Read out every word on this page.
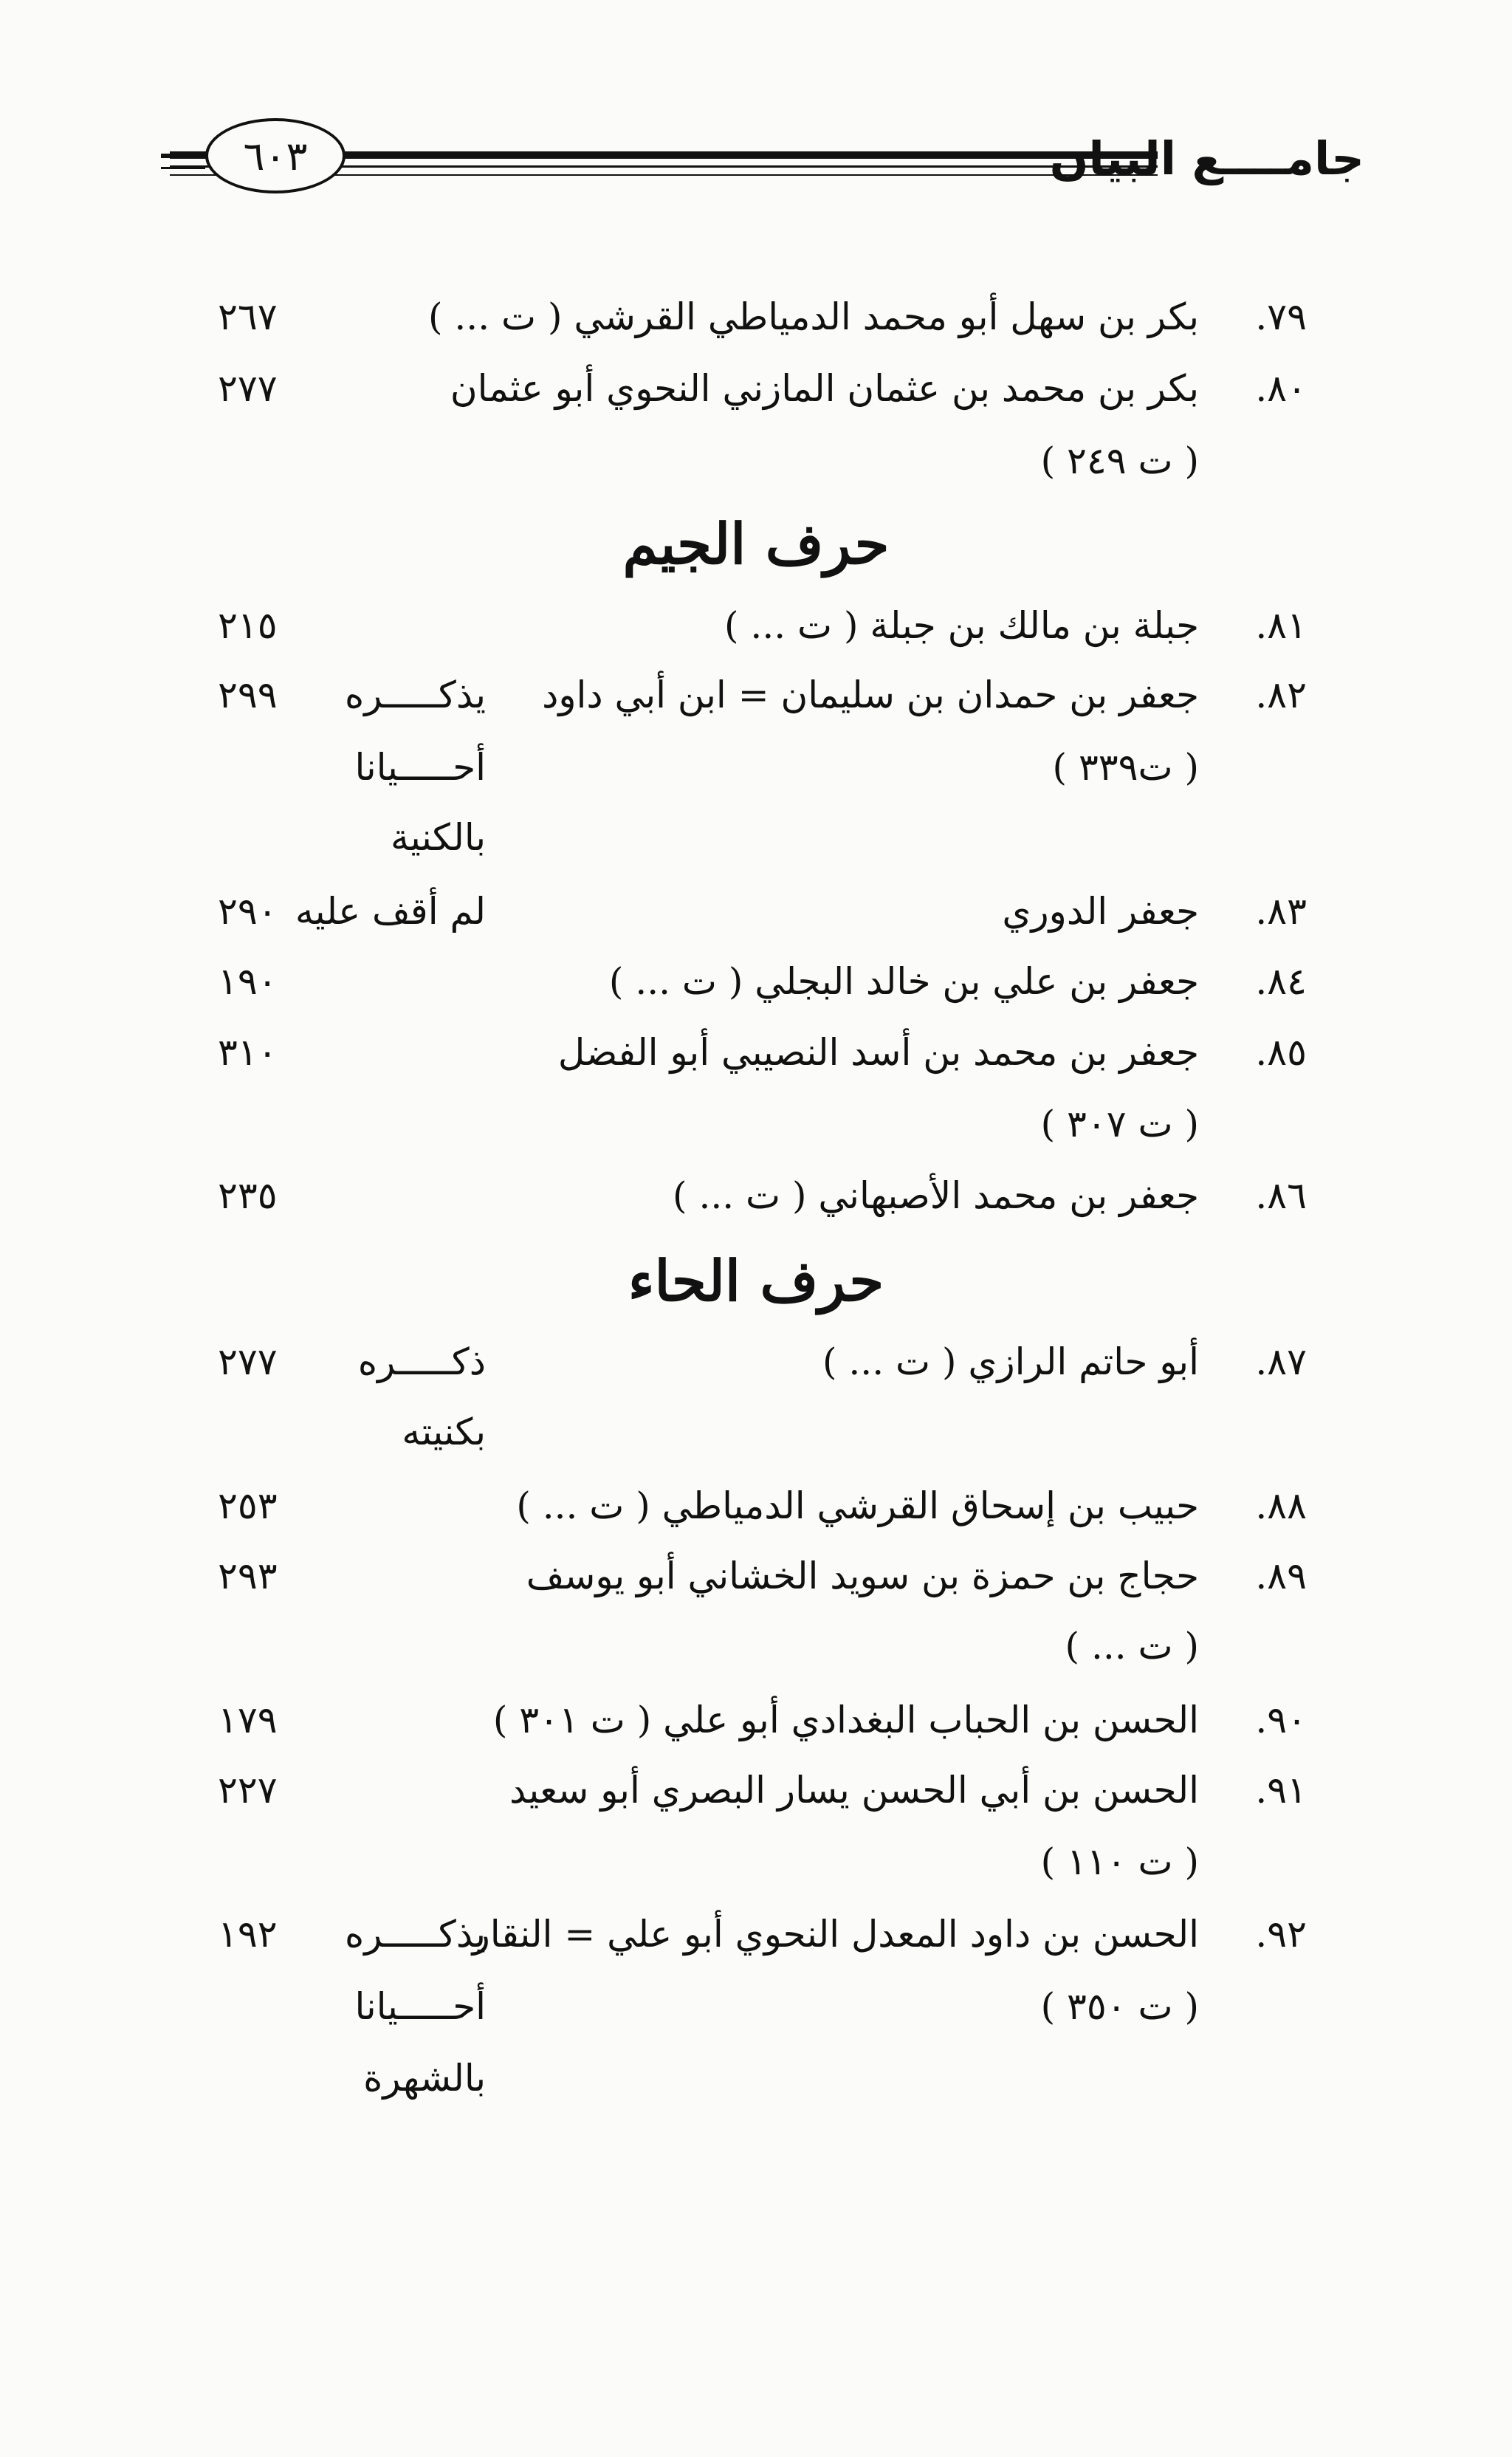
٦٠٣	جامــــع البيان
٧٩.
بكر بن سهل أبو محمد الدمياطي القرشي ( ت ... )
٢٦٧
٨٠.
بكر بن محمد بن عثمان المازني النحوي أبو عثمان
( ت ٢٤٩ )
٢٧٧
حرف الجيم
٨١.
جبلة بن مالك بن جبلة ( ت ... )
٢١٥
٨٢.
جعفر بن حمدان بن سليمان = ابن أبي داود
( ت٣٣٩ )
يذكـــــره
أحـــــيانا
بالكنية
٢٩٩
٨٣.
جعفر الدوري
لم أقف عليه
٢٩٠
٨٤.
جعفر بن علي بن خالد البجلي ( ت ... )
١٩٠
٨٥.
جعفر بن محمد بن أسد النصيبي أبو الفضل
( ت ٣٠٧ )
٣١٠
٨٦.
جعفر بن محمد الأصبهاني ( ت ... )
٢٣٥
حرف الحاء
٨٧.
أبو حاتم الرازي ( ت ... )
ذكـــــره
بكنيته
٢٧٧
٨٨.
حبيب بن إسحاق القرشي الدمياطي ( ت ... )
٢٥٣
٨٩.
حجاج بن حمزة بن سويد الخشاني أبو يوسف
( ت ... )
٢٩٣
٩٠.
الحسن بن الحباب البغدادي أبو علي ( ت ٣٠١ )
١٧٩
٩١.
الحسن بن أبي الحسن يسار البصري أبو سعيد
( ت ١١٠ )
٢٢٧
٩٢.
الحسن بن داود المعدل النحوي أبو علي = النقار
( ت ٣٥٠ )
يذكـــــره
أحـــــيانا
بالشهرة
١٩٢
